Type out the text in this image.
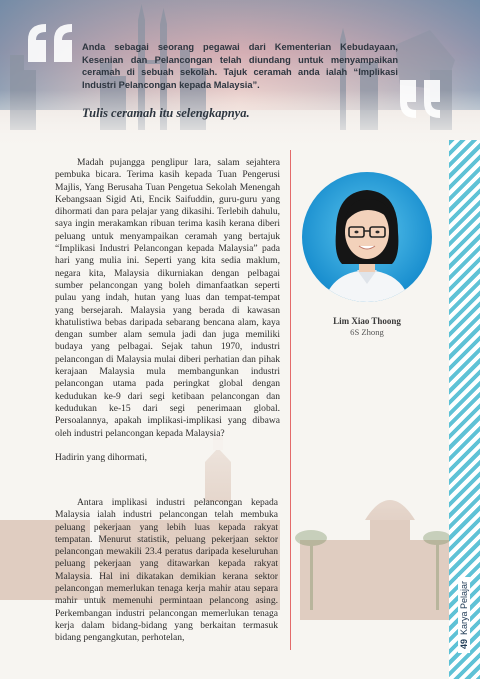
Anda sebagai seorang pegawai dari Kementerian Kebudayaan, Kesenian dan Pelancongan telah diundang untuk menyampaikan ceramah di sebuah sekolah. Tajuk ceramah anda ialah “Implikasi Industri Pelancongan kepada Malaysia”.
Tulis ceramah itu selengkapnya.

Madah pujangga penglipur lara, salam sejahtera pembuka bicara. Terima kasih kepada Tuan Pengerusi Majlis, Yang Berusaha Tuan Pengetua Sekolah Menengah Kebangsaan Sigid Ati, Encik Saifuddin, guru-guru yang dihormati dan para pelajar yang dikasihi. Terlebih dahulu, saya ingin merakamkan ribuan terima kasih kerana diberi peluang untuk menyampaikan ceramah yang bertajuk “Implikasi Industri Pelancongan kepada Malaysia” pada hari yang mulia ini. Seperti yang kita sedia maklum, negara kita, Malaysia dikurniakan dengan pelbagai sumber pelancongan yang boleh dimanfaatkan seperti pulau yang indah, hutan yang luas dan tempat-tempat yang bersejarah. Malaysia yang berada di kawasan khatulistiwa bebas daripada sebarang bencana alam, kaya dengan sumber alam semula jadi dan juga memiliki budaya yang pelbagai. Sejak tahun 1970, industri pelancongan di Malaysia mulai diberi perhatian dan pihak kerajaan Malaysia mula membangunkan industri pelancongan utama pada peringkat global dengan kedudukan ke-9 dari segi ketibaan pelancongan dan kedudukan ke-15 dari segi penerimaan global. Persoalannya, apakah implikasi-implikasi yang dibawa oleh industri pelancongan kepada Malaysia?

Hadirin yang dihormati,

Antara implikasi industri pelancongan kepada Malaysia ialah industri pelancongan telah membuka peluang pekerjaan yang lebih luas kepada rakyat tempatan. Menurut statistik, peluang pekerjaan sektor pelancongan mewakili 23.4 peratus daripada keseluruhan peluang pekerjaan yang ditawarkan kepada rakyat Malaysia. Hal ini dikatakan demikian kerana sektor pelancongan memerlukan tenaga kerja mahir atau separa mahir untuk memenuhi permintaan pelancong asing. Perkembangan industri pelancongan memerlukan tenaga kerja dalam bidang-bidang yang berkaitan termasuk bidang pengangkutan, perhotelan,

Lim Xiao Thoong
6S Zhong
49Karya Pelajar
